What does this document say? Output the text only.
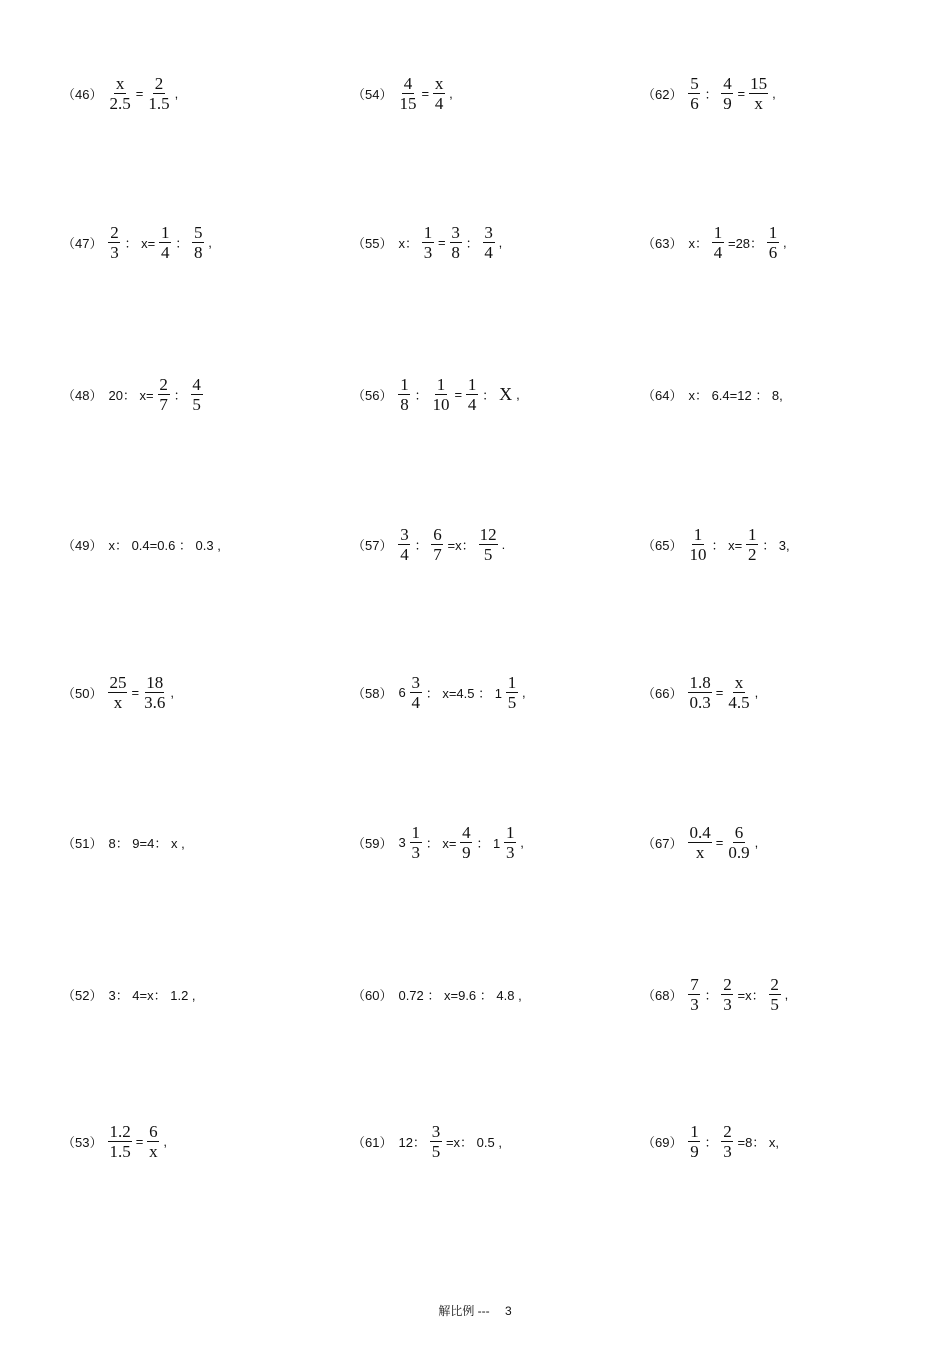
$(46) \frac{x}{2.5} = \frac{2}{1.5}$ ,
$(47) \frac{2}{3}$ ： $x= \frac{1}{4}$ ： $\frac{5}{8}$ ,
（48） 20： $x= \frac{2}{7}$ ： $\frac{4}{5}$
（49） x： 0.4=0.6 ： 0.3 ,
$(50) \frac{25}{x} = \frac{18}{3.6}$ ,
（51） 8： 9=4： x ,
（52） 3： 4=x： 1.2 ,
$(53) \frac{1.2}{1.5} = \frac{6}{x}$ ,
$(54) \frac{4}{15} = \frac{x}{4}$ ,
（55） x： $\frac{1}{3} = \frac{3}{8}$ ： $\frac{3}{4}$ ,
$(56) \frac{1}{8}$ ： $\frac{1}{10} = \frac{1}{4}$ ： X ,
$(57) \frac{3}{4}$ ： $\frac{6}{7} =x$： $\frac{12}{5}$ .
（58） $6 \frac{3}{4}$ ： x=4.5 ： $1 \frac{1}{5}$ ,
（59） $3 \frac{1}{3}$ ： $x= \frac{4}{9}$ ： $1 \frac{1}{3}$ ,
（60） 0.72 ： x=9.6 ： 4.8 ,
（61） 12： $\frac{3}{5} =x$： 0.5 ,
$(62) \frac{5}{6}$ ： $\frac{4}{9} = \frac{15}{x}$ ,
（63） x： $\frac{1}{4} =28$： $\frac{1}{6}$ ,
（64） x： 6.4=12 ： 8,
$(65) \frac{1}{10}$ ： $x= \frac{1}{2}$ ： 3,
$(66) \frac{1.8}{0.3} = \frac{x}{4.5}$ ,
$(67) \frac{0.4}{x} = \frac{6}{0.9}$ ,
$(68) \frac{7}{3}$ ： $\frac{2}{3} =x$： $\frac{2}{5}$ ,
$(69) \frac{1}{9}$ ： $\frac{2}{3} =8$： x,
解比例 --- 3
